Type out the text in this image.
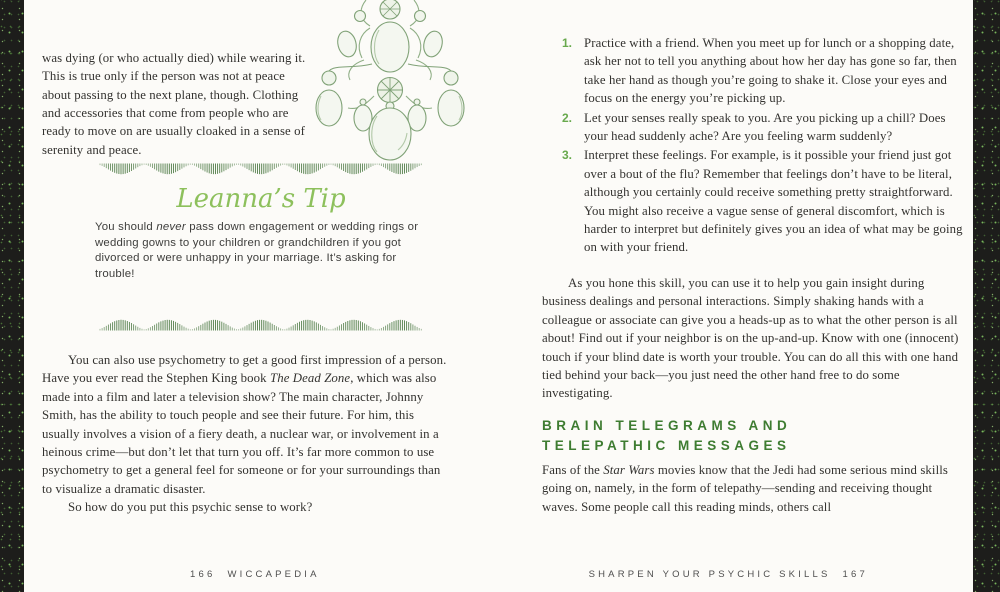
was dying (or who actually died) while wearing it. This is true only if the person was not at peace about passing to the next plane, though. Clothing and accessories that come from people who are ready to move on are usually cloaked in a sense of serenity and peace.

Leanna’s Tip

You should never pass down engagement or wedding rings or wedding gowns to your children or grandchildren if you got divorced or were unhappy in your marriage. It’s asking for trouble!

You can also use psychometry to get a good first impression of a person. Have you ever read the Stephen King book The Dead Zone, which was also made into a film and later a television show? The main character, Johnny Smith, has the ability to touch people and see their future. For him, this usually involves a vision of a fiery death, a nuclear war, or involvement in a heinous crime—but don’t let that turn you off. It’s far more common to use psychometry to get a general feel for someone or for your surroundings than to visualize a dramatic disaster.

So how do you put this psychic sense to work?

166 WICCAPEDIA
1. Practice with a friend. When you meet up for lunch or a shopping date, ask her not to tell you anything about how her day has gone so far, then take her hand as though you’re going to shake it. Close your eyes and focus on the energy you’re picking up.
2. Let your senses really speak to you. Are you picking up a chill? Does your head suddenly ache? Are you feeling warm suddenly?
3. Interpret these feelings. For example, is it possible your friend just got over a bout of the flu? Remember that feelings don’t have to be literal, although you certainly could receive something pretty straightforward. You might also receive a vague sense of general discomfort, which is harder to interpret but definitely gives you an idea of what may be going on with your friend.

As you hone this skill, you can use it to help you gain insight during business dealings and personal interactions. Simply shaking hands with a colleague or associate can give you a heads-up as to what the other person is all about! Find out if your neighbor is on the up-and-up. Know with one (innocent) touch if your blind date is worth your trouble. You can do all this with one hand tied behind your back—you just need the other hand free to do some investigating.

BRAIN TELEGRAMS AND
TELEPATHIC MESSAGES

Fans of the Star Wars movies know that the Jedi had some serious mind skills going on, namely, in the form of telepathy—sending and receiving thought waves. Some people call this reading minds, others call

SHARPEN YOUR PSYCHIC SKILLS 167
